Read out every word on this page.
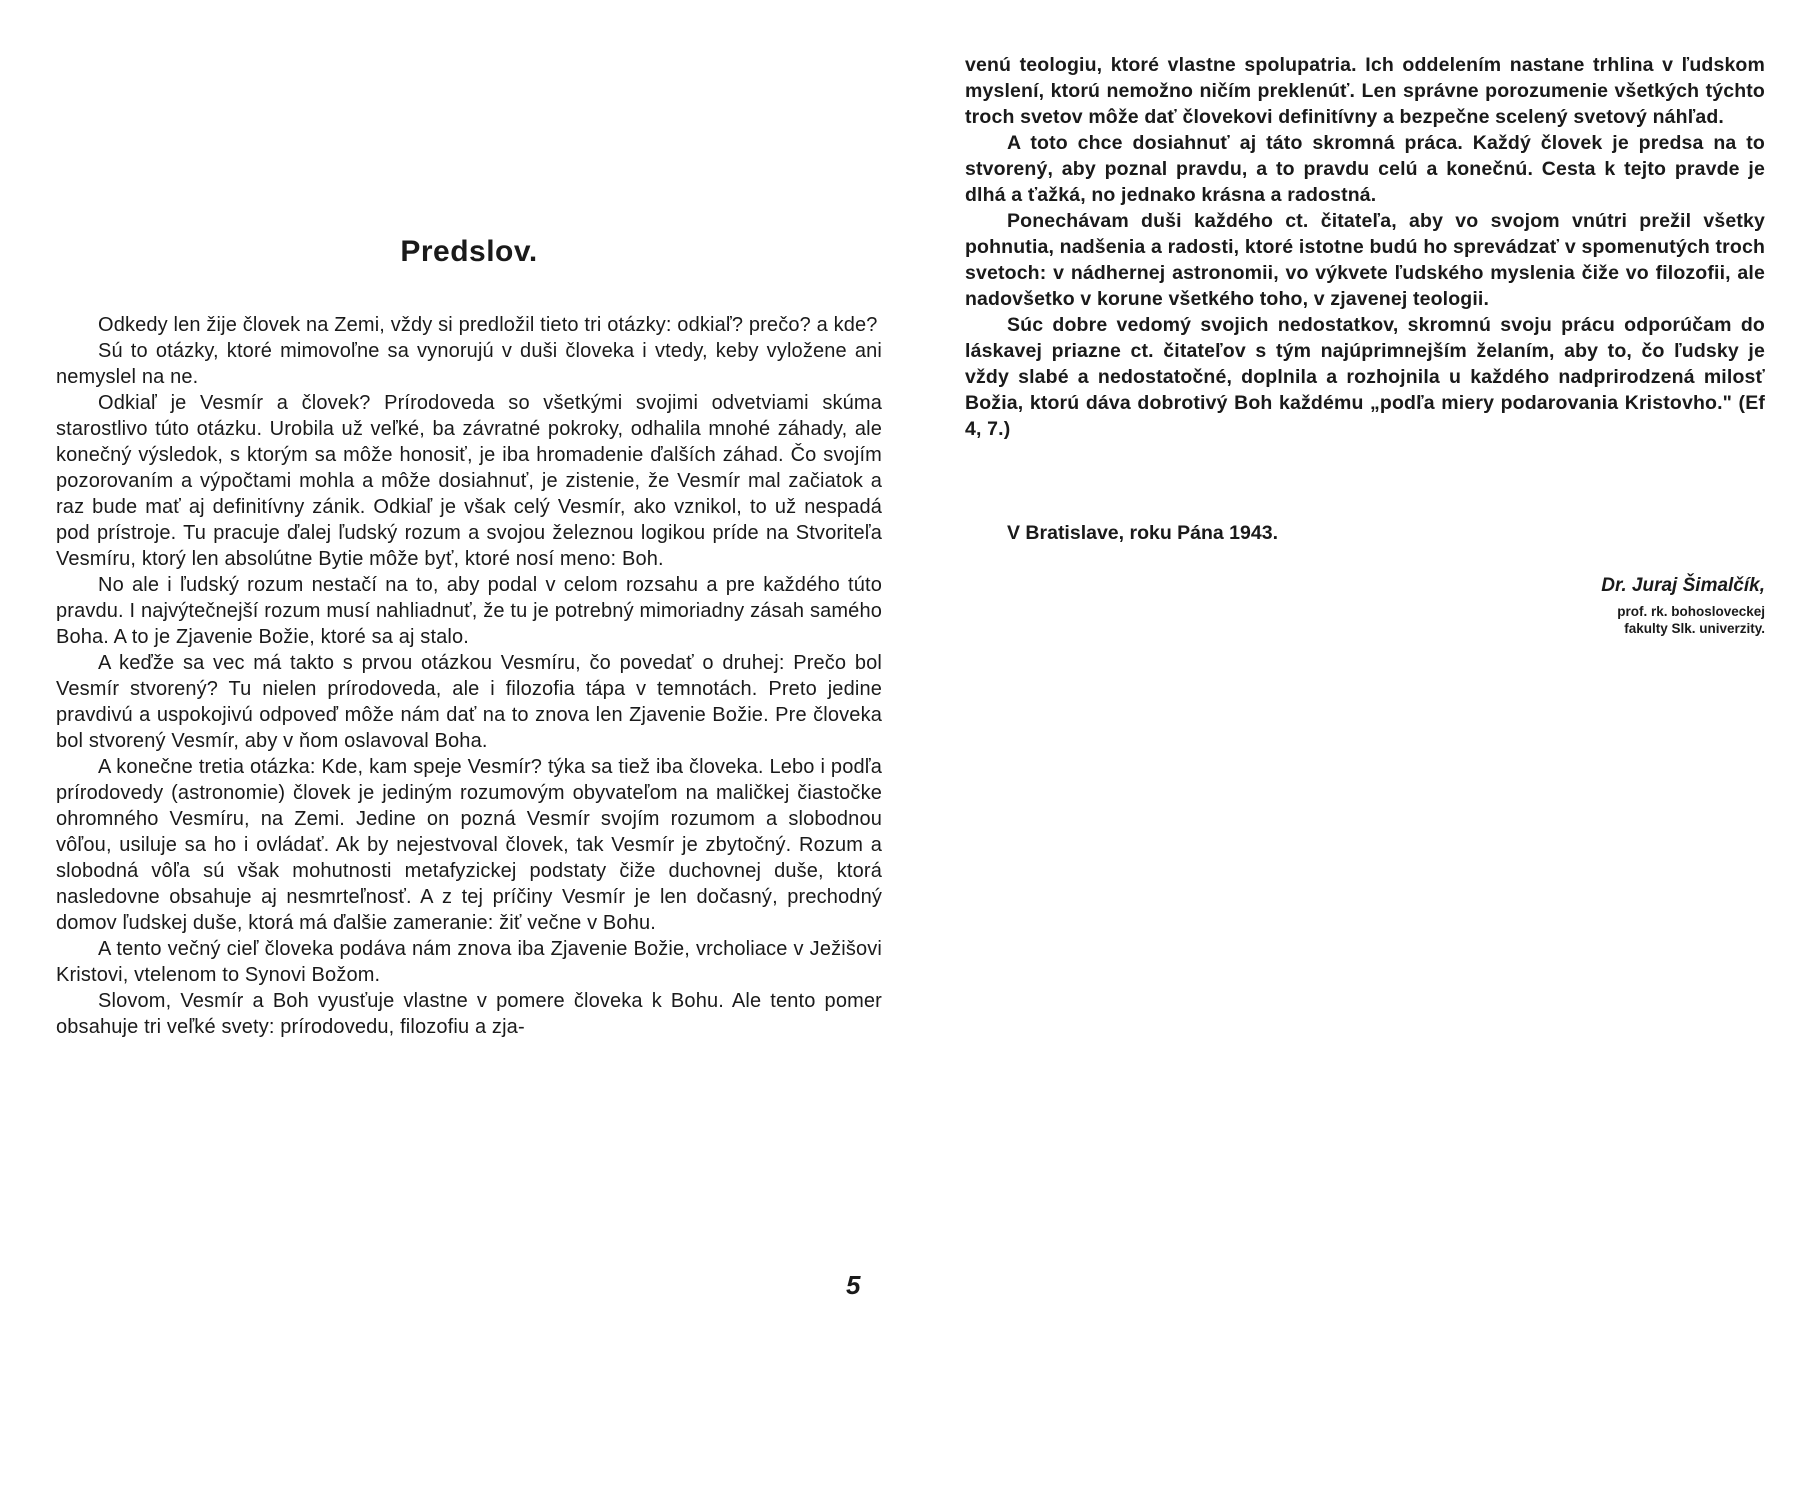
Predslov.

Odkedy len žije človek na Zemi, vždy si predložil tieto tri otázky: odkiaľ? prečo? a kde?

Sú to otázky, ktoré mimovoľne sa vynorujú v duši človeka i vtedy, keby vyložene ani nemyslel na ne.

Odkiaľ je Vesmír a človek? Prírodoveda so všetkými svojimi odvetviami skúma starostlivo túto otázku. Urobila už veľké, ba závratné pokroky, odhalila mnohé záhady, ale konečný výsledok, s ktorým sa môže honosiť, je iba hromadenie ďalších záhad. Čo svojím pozorovaním a výpočtami mohla a môže dosiahnuť, je zistenie, že Vesmír mal začiatok a raz bude mať aj definitívny zánik. Odkiaľ je však celý Vesmír, ako vznikol, to už nespadá pod prístroje. Tu pracuje ďalej ľudský rozum a svojou železnou logikou príde na Stvoriteľa Vesmíru, ktorý len absolútne Bytie môže byť, ktoré nosí meno: Boh.

No ale i ľudský rozum nestačí na to, aby podal v celom rozsahu a pre každého túto pravdu. I najvýtečnejší rozum musí nahliadnuť, že tu je potrebný mimoriadny zásah samého Boha. A to je Zjavenie Božie, ktoré sa aj stalo.

A keďže sa vec má takto s prvou otázkou Vesmíru, čo povedať o druhej: Prečo bol Vesmír stvorený? Tu nielen prírodoveda, ale i filozofia tápa v temnotách. Preto jedine pravdivú a uspokojivú odpoveď môže nám dať na to znova len Zjavenie Božie. Pre človeka bol stvorený Vesmír, aby v ňom oslavoval Boha.

A konečne tretia otázka: Kde, kam speje Vesmír? týka sa tiež iba človeka. Lebo i podľa prírodovedy (astronomie) človek je jediným rozumovým obyvateľom na maličkej čiastočke ohromného Vesmíru, na Zemi. Jedine on pozná Vesmír svojím rozumom a slobodnou vôľou, usiluje sa ho i ovládať. Ak by nejestvoval človek, tak Vesmír je zbytočný. Rozum a slobodná vôľa sú však mohutnosti metafyzickej podstaty čiže duchovnej duše, ktorá nasledovne obsahuje aj nesmrteľnosť. A z tej príčiny Vesmír je len dočasný, prechodný domov ľudskej duše, ktorá má ďalšie zameranie: žiť večne v Bohu.

A tento večný cieľ človeka podáva nám znova iba Zjavenie Božie, vrcholiace v Ježišovi Kristovi, vtelenom to Synovi Božom.

Slovom, Vesmír a Boh vyusťuje vlastne v pomere človeka k Bohu. Ale tento pomer obsahuje tri veľké svety: prírodovedu, filozofiu a zja-

5

venú teologiu, ktoré vlastne spolupatria. Ich oddelením nastane trhlina v ľudskom myslení, ktorú nemožno ničím preklenúť. Len správne porozumenie všetkých týchto troch svetov môže dať človekovi definitívny a bezpečne scelený svetový náhľad.

A toto chce dosiahnuť aj táto skromná práca. Každý človek je predsa na to stvorený, aby poznal pravdu, a to pravdu celú a konečnú. Cesta k tejto pravde je dlhá a ťažká, no jednako krásna a radostná.

Ponechávam duši každého ct. čitateľa, aby vo svojom vnútri prežil všetky pohnutia, nadšenia a radosti, ktoré istotne budú ho sprevádzať v spomenutých troch svetoch: v nádhernej astronomii, vo výkvete ľudského myslenia čiže vo filozofii, ale nadovšetko v korune všetkého toho, v zjavenej teologii.

Súc dobre vedomý svojich nedostatkov, skromnú svoju prácu odporúčam do láskavej priazne ct. čitateľov s tým najúprimnejším želaním, aby to, čo ľudsky je vždy slabé a nedostatočné, doplnila a rozhojnila u každého nadprirodzená milosť Božia, ktorú dáva dobrotivý Boh každému „podľa miery podarovania Kristovho." (Ef 4, 7.)

V Bratislave, roku Pána 1943.
Dr. Juraj Šimalčík,
prof. rk. bohosloveckej
fakulty Slk. univerzity.
